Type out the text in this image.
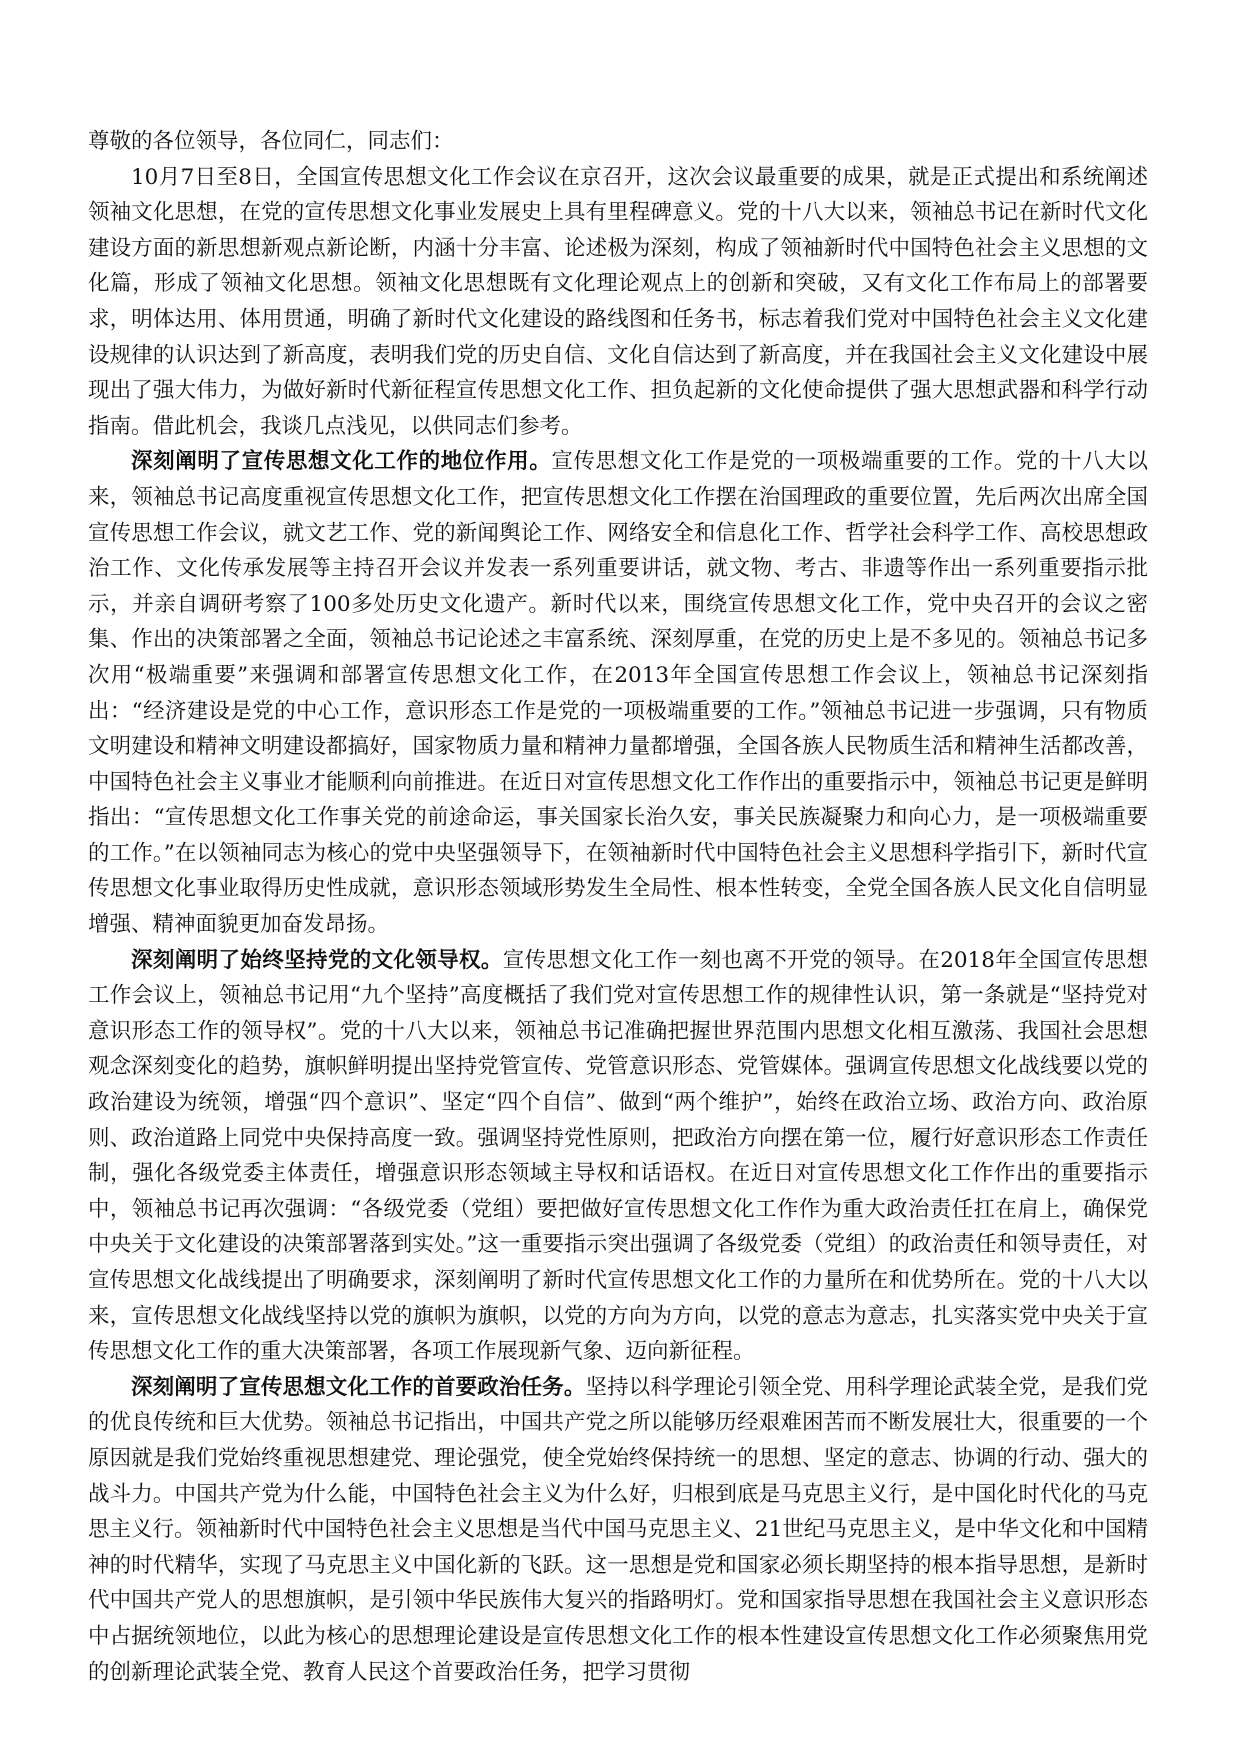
尊敬的各位领导，各位同仁，同志们：

10月7日至8日，全国宣传思想文化工作会议在京召开，这次会议最重要的成果，就是正式提出和系统阐述领袖文化思想，在党的宣传思想文化事业发展史上具有里程碑意义。党的十八大以来，领袖总书记在新时代文化建设方面的新思想新观点新论断，内涵十分丰富、论述极为深刻，构成了领袖新时代中国特色社会主义思想的文化篇，形成了领袖文化思想。领袖文化思想既有文化理论观点上的创新和突破，又有文化工作布局上的部署要求，明体达用、体用贯通，明确了新时代文化建设的路线图和任务书，标志着我们党对中国特色社会主义文化建设规律的认识达到了新高度，表明我们党的历史自信、文化自信达到了新高度，并在我国社会主义文化建设中展现出了强大伟力，为做好新时代新征程宣传思想文化工作、担负起新的文化使命提供了强大思想武器和科学行动指南。借此机会，我谈几点浅见，以供同志们参考。

深刻阐明了宣传思想文化工作的地位作用。宣传思想文化工作是党的一项极端重要的工作。党的十八大以来，领袖总书记高度重视宣传思想文化工作，把宣传思想文化工作摆在治国理政的重要位置，先后两次出席全国宣传思想工作会议，就文艺工作、党的新闻舆论工作、网络安全和信息化工作、哲学社会科学工作、高校思想政治工作、文化传承发展等主持召开会议并发表一系列重要讲话，就文物、考古、非遗等作出一系列重要指示批示，并亲自调研考察了100多处历史文化遗产。新时代以来，围绕宣传思想文化工作，党中央召开的会议之密集、作出的决策部署之全面，领袖总书记论述之丰富系统、深刻厚重，在党的历史上是不多见的。领袖总书记多次用“极端重要”来强调和部署宣传思想文化工作，在2013年全国宣传思想工作会议上，领袖总书记深刻指出：“经济建设是党的中心工作，意识形态工作是党的一项极端重要的工作。”领袖总书记进一步强调，只有物质文明建设和精神文明建设都搞好，国家物质力量和精神力量都增强，全国各族人民物质生活和精神生活都改善，中国特色社会主义事业才能顺利向前推进。在近日对宣传思想文化工作作出的重要指示中，领袖总书记更是鲜明指出：“宣传思想文化工作事关党的前途命运，事关国家长治久安，事关民族凝聚力和向心力，是一项极端重要的工作。”在以领袖同志为核心的党中央坚强领导下，在领袖新时代中国特色社会主义思想科学指引下，新时代宣传思想文化事业取得历史性成就，意识形态领域形势发生全局性、根本性转变，全党全国各族人民文化自信明显增强、精神面貌更加奋发昂扬。

深刻阐明了始终坚持党的文化领导权。宣传思想文化工作一刻也离不开党的领导。在2018年全国宣传思想工作会议上，领袖总书记用“九个坚持”高度概括了我们党对宣传思想工作的规律性认识，第一条就是“坚持党对意识形态工作的领导权”。党的十八大以来，领袖总书记准确把握世界范围内思想文化相互激荡、我国社会思想观念深刻变化的趋势，旗帜鲜明提出坚持党管宣传、党管意识形态、党管媒体。强调宣传思想文化战线要以党的政治建设为统领，增强“四个意识”、坚定“四个自信”、做到“两个维护”，始终在政治立场、政治方向、政治原则、政治道路上同党中央保持高度一致。强调坚持党性原则，把政治方向摆在第一位，履行好意识形态工作责任制，强化各级党委主体责任，增强意识形态领域主导权和话语权。在近日对宣传思想文化工作作出的重要指示中，领袖总书记再次强调：“各级党委（党组）要把做好宣传思想文化工作作为重大政治责任扛在肩上，确保党中央关于文化建设的决策部署落到实处。”这一重要指示突出强调了各级党委（党组）的政治责任和领导责任，对宣传思想文化战线提出了明确要求，深刻阐明了新时代宣传思想文化工作的力量所在和优势所在。党的十八大以来，宣传思想文化战线坚持以党的旗帜为旗帜，以党的方向为方向，以党的意志为意志，扎实落实党中央关于宣传思想文化工作的重大决策部署，各项工作展现新气象、迈向新征程。

深刻阐明了宣传思想文化工作的首要政治任务。坚持以科学理论引领全党、用科学理论武装全党，是我们党的优良传统和巨大优势。领袖总书记指出，中国共产党之所以能够历经艰难困苦而不断发展壮大，很重要的一个原因就是我们党始终重视思想建党、理论强党，使全党始终保持统一的思想、坚定的意志、协调的行动、强大的战斗力。中国共产党为什么能，中国特色社会主义为什么好，归根到底是马克思主义行，是中国化时代化的马克思主义行。领袖新时代中国特色社会主义思想是当代中国马克思主义、21世纪马克思主义，是中华文化和中国精神的时代精华，实现了马克思主义中国化新的飞跃。这一思想是党和国家必须长期坚持的根本指导思想，是新时代中国共产党人的思想旗帜，是引领中华民族伟大复兴的指路明灯。党和国家指导思想在我国社会主义意识形态中占据统领地位，以此为核心的思想理论建设是宣传思想文化工作的根本性建设宣传思想文化工作必须聚焦用党的创新理论武装全党、教育人民这个首要政治任务，把学习贯彻
